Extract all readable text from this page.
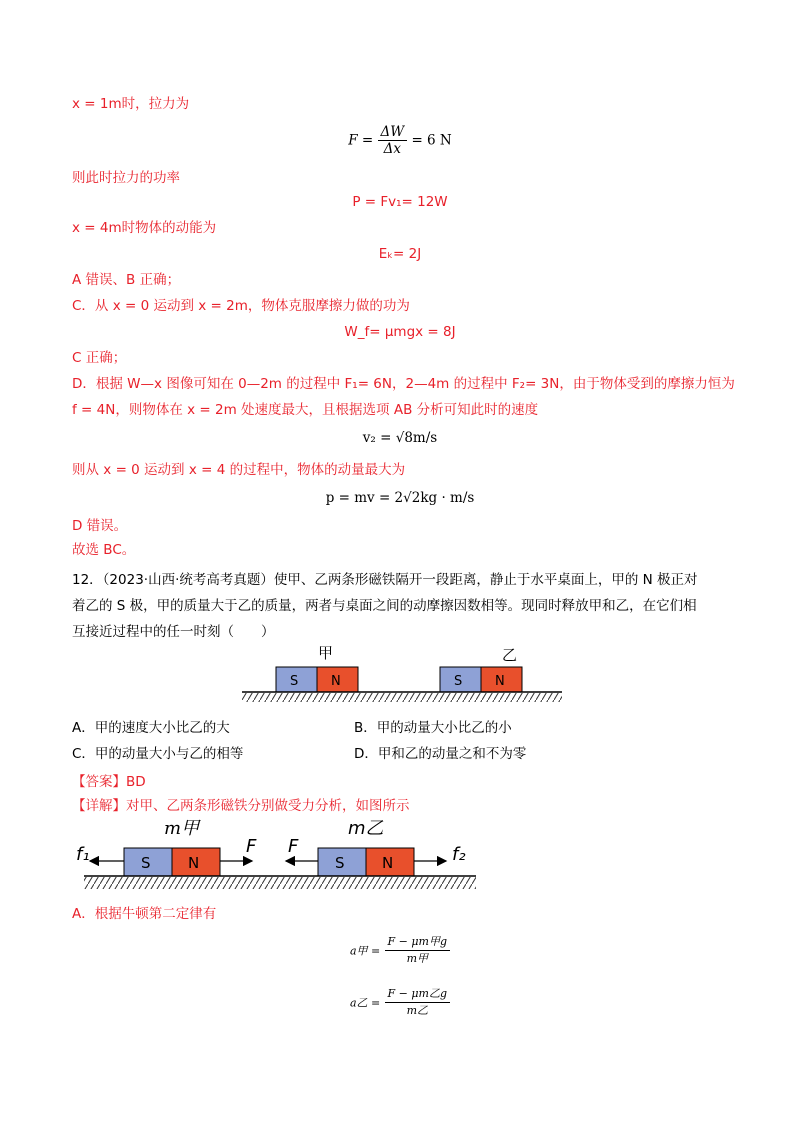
x = 1m时，拉力为
$F = \frac{\Delta W}{\Delta x} = 6$ N
则此时拉力的功率
P = Fv₁= 12W
x = 4m时物体的动能为
Eₖ= 2J
A 错误、B 正确；
C．从 x = 0 运动到 x = 2m，物体克服摩擦力做的功为
W_f= μmgx = 8J
C 正确；
D．根据 W—x 图像可知在 0—2m 的过程中 F₁= 6N，2—4m 的过程中 F₂= 3N，由于物体受到的摩擦力恒为
f = 4N，则物体在 x = 2m 处速度最大，且根据选项 AB 分析可知此时的速度
v₂ = √8m/s
则从 x = 0 运动到 x = 4 的过程中，物体的动量最大为
p = mv = 2√2kg · m/s
D 错误。
故选 BC。
12．（2023·山西·统考高考真题）使甲、乙两条形磁铁隔开一段距离，静止于水平桌面上，甲的 N 极正对
着乙的 S 极，甲的质量大于乙的质量，两者与桌面之间的动摩擦因数相等。现同时释放甲和乙，在它们相
互接近过程中的任一时刻（　　）
甲	乙
S	N	S	N
A．甲的速度大小比乙的大	B．甲的动量大小比乙的小
C．甲的动量大小与乙的相等	D．甲和乙的动量之和不为零
【答案】BD
【详解】对甲、乙两条形磁铁分别做受力分析，如图所示
m甲	m乙
S N	S N
f₁	F F	f₂
A．根据牛顿第二定律有
a甲 = $\frac{\text{F − μm甲g}}{\text{m甲}}$
a乙 = $\frac{\text{F − μm乙g}}{\text{m乙}}$
